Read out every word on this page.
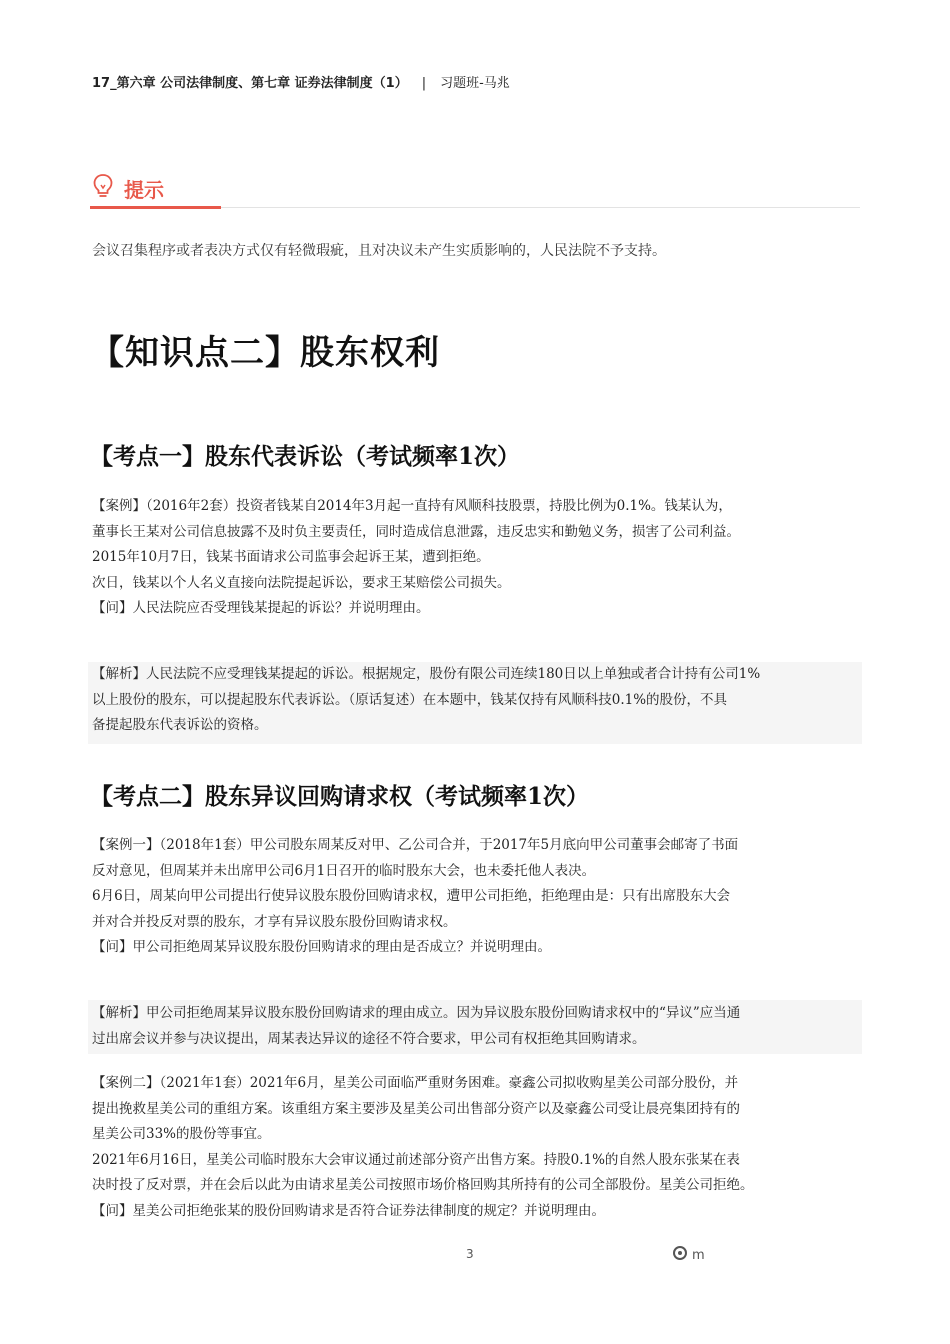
17_第六章 公司法律制度、第七章 证券法律制度（1） | 习题班-马兆
提示
会议召集程序或者表决方式仅有轻微瑕疵，且对决议未产生实质影响的，人民法院不予支持。
【知识点二】股东权利
【考点一】股东代表诉讼（考试频率1次）

【案例】（2016年2套）投资者钱某自2014年3月起一直持有风顺科技股票，持股比例为0.1%。钱某认为，

董事长王某对公司信息披露不及时负主要责任，同时造成信息泄露，违反忠实和勤勉义务，损害了公司利益。

2015年10月7日，钱某书面请求公司监事会起诉王某，遭到拒绝。

次日，钱某以个人名义直接向法院提起诉讼，要求王某赔偿公司损失。

【问】人民法院应否受理钱某提起的诉讼？并说明理由。

【解析】人民法院不应受理钱某提起的诉讼。根据规定，股份有限公司连续180日以上单独或者合计持有公司1%

以上股份的股东，可以提起股东代表诉讼。（原话复述）在本题中，钱某仅持有风顺科技0.1%的股份，不具

备提起股东代表诉讼的资格。

【考点二】股东异议回购请求权（考试频率1次）

【案例一】（2018年1套）甲公司股东周某反对甲、乙公司合并，于2017年5月底向甲公司董事会邮寄了书面

反对意见，但周某并未出席甲公司6月1日召开的临时股东大会，也未委托他人表决。

6月6日，周某向甲公司提出行使异议股东股份回购请求权，遭甲公司拒绝，拒绝理由是：只有出席股东大会

并对合并投反对票的股东，才享有异议股东股份回购请求权。

【问】甲公司拒绝周某异议股东股份回购请求的理由是否成立？并说明理由。

【解析】甲公司拒绝周某异议股东股份回购请求的理由成立。因为异议股东股份回购请求权中的“异议”应当通

过出席会议并参与决议提出，周某表达异议的途径不符合要求，甲公司有权拒绝其回购请求。

【案例二】（2021年1套）2021年6月，星美公司面临严重财务困难。豪鑫公司拟收购星美公司部分股份，并

提出挽救星美公司的重组方案。该重组方案主要涉及星美公司出售部分资产以及豪鑫公司受让晨亮集团持有的

星美公司33%的股份等事宜。

2021年6月16日，星美公司临时股东大会审议通过前述部分资产出售方案。持股0.1%的自然人股东张某在表

决时投了反对票，并在会后以此为由请求星美公司按照市场价格回购其所持有的公司全部股份。星美公司拒绝。

【问】星美公司拒绝张某的股份回购请求是否符合证券法律制度的规定？并说明理由。

3	m
